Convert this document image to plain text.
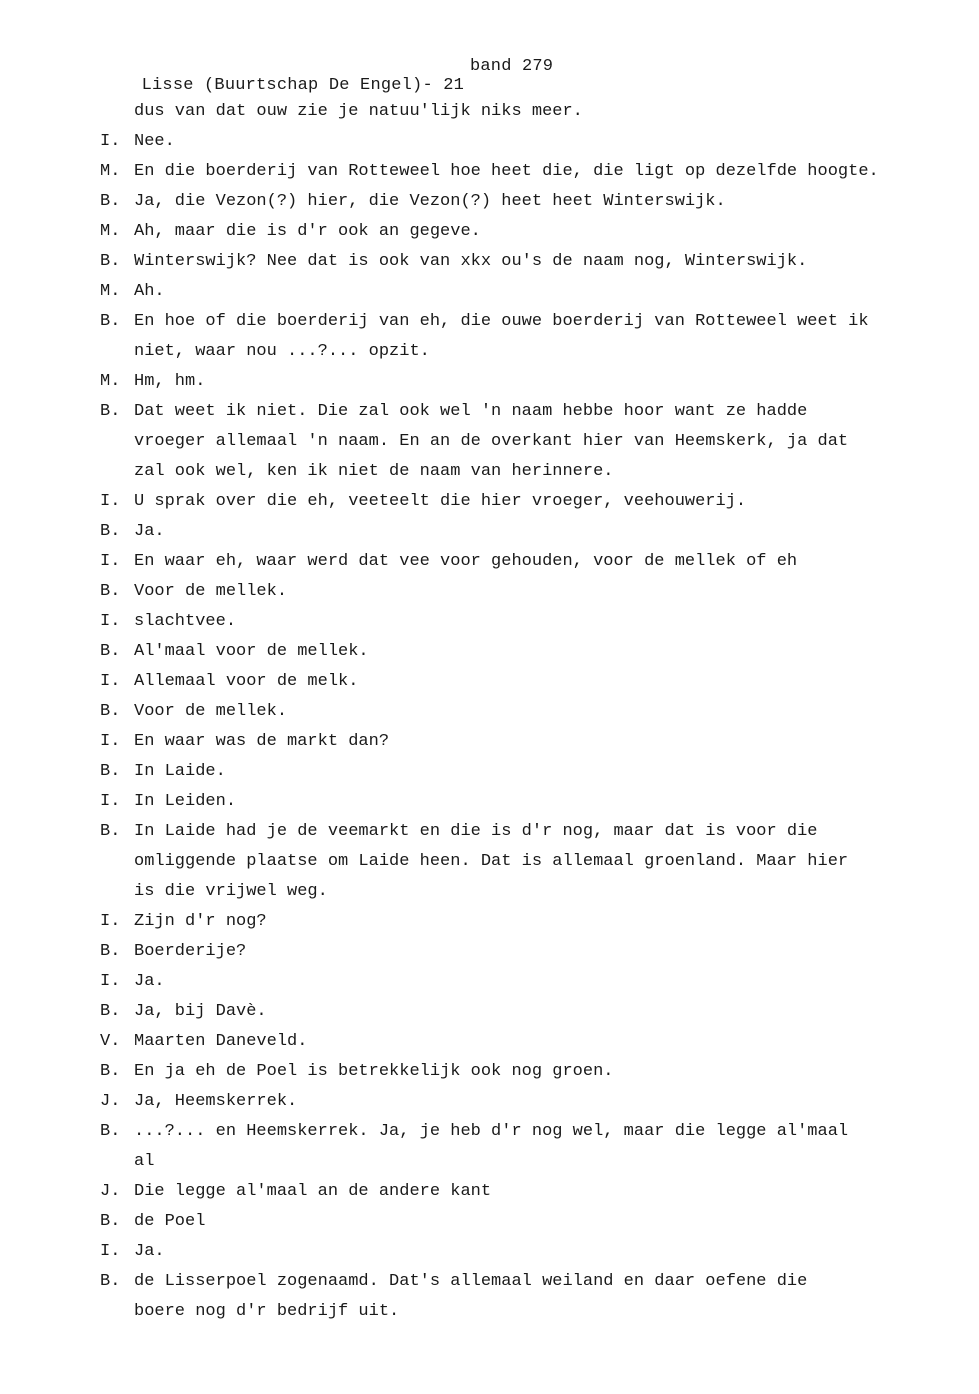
Lisse (Buurtschap De Engel)- 21

band 279

dus van dat ouw zie je natuu'lijk niks meer.
I. Nee.
M. En die boerderij van Rotteweel hoe heet die, die ligt op dezelfde hoogte.
B. Ja, die Vezon(?) hier, die Vezon(?) heet heet Winterswijk.
M. Ah, maar die is d'r ook an gegeve.
B. Winterswijk? Nee dat is ook van xkx ou's de naam nog, Winterswijk.
M. Ah.
B. En hoe of die boerderij van eh, die ouwe boerderij van Rotteweel weet ik
niet, waar nou ...?... opzit.
M. Hm, hm.
B. Dat weet ik niet. Die zal ook wel 'n naam hebbe hoor want ze hadde
vroeger allemaal 'n naam. En an de overkant hier van Heemskerk, ja dat
zal ook wel, ken ik niet de naam van herinnere.
I. U sprak over die eh, veeteelt die hier vroeger, veehouwerij.
B. Ja.
I. En waar eh, waar werd dat vee voor gehouden, voor de mellek of eh
B. Voor de mellek.
I. slachtvee.
B. Al'maal voor de mellek.
I. Allemaal voor de melk.
B. Voor de mellek.
I. En waar was de markt dan?
B. In Laide.
I. In Leiden.
B. In Laide had je de veemarkt en die is d'r nog, maar dat is voor die
omliggende plaatse om Laide heen. Dat is allemaal groenland. Maar hier
is die vrijwel weg.
I. Zijn d'r nog?
B. Boerderije?
I. Ja.
B. Ja, bij Davè.
V. Maarten Daneveld.
B. En ja eh de Poel is betrekkelijk ook nog groen.
J. Ja, Heemskerrek.
B. ...?... en Heemskerrek. Ja, je heb d'r nog wel, maar die legge al'maal
al
J. Die legge al'maal an de andere kant
B. de Poel
I. Ja.
B. de Lisserpoel zogenaamd. Dat's allemaal weiland en daar oefene die
boere nog d'r bedrijf uit.
